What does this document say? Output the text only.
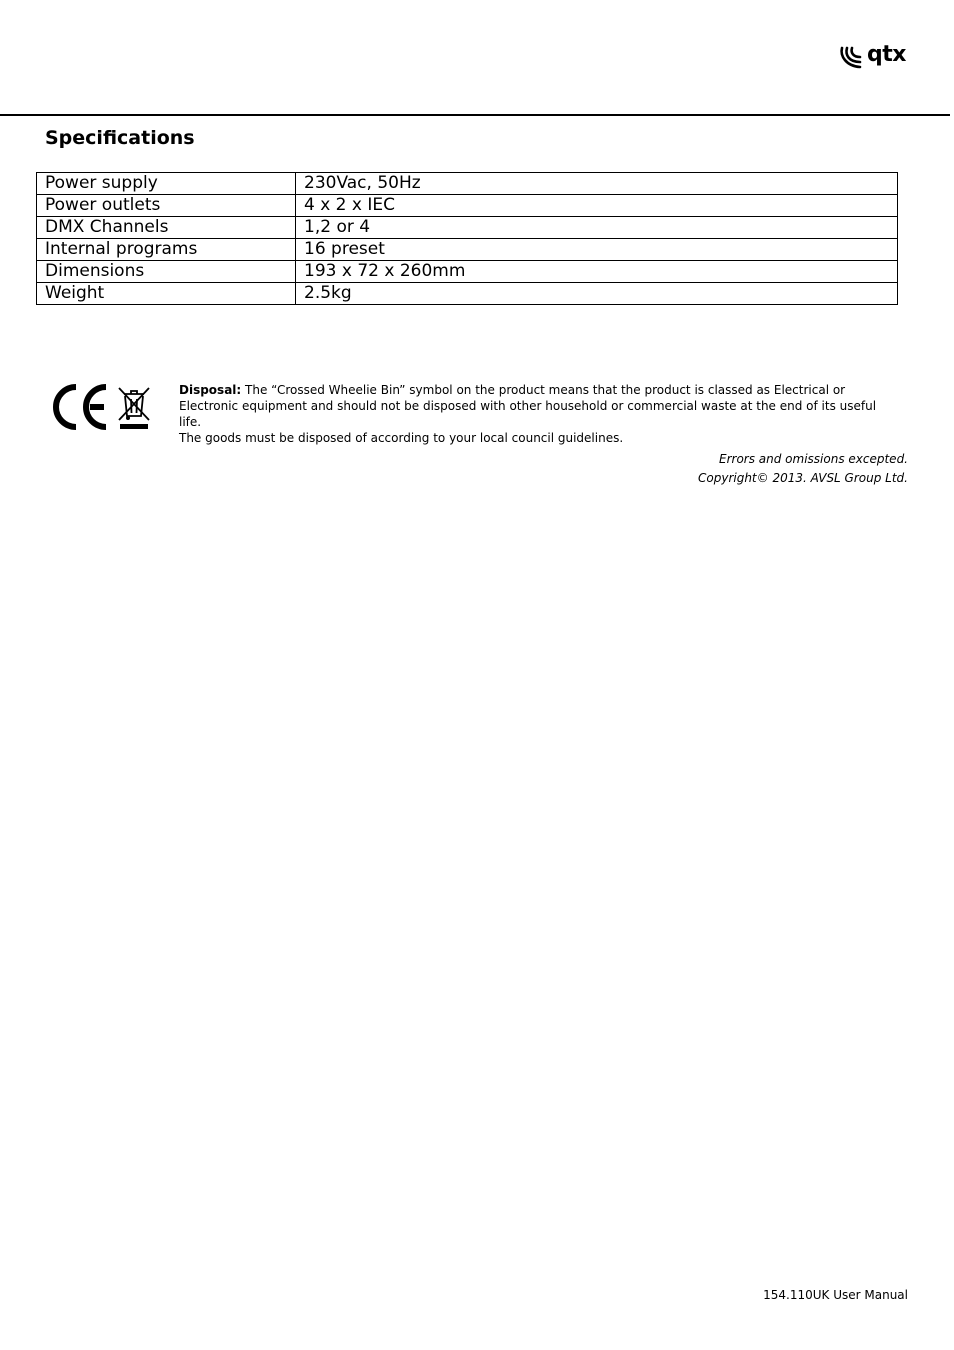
qtx
Specifications
Power supply	230Vac, 50Hz
Power outlets	4 x 2 x IEC
DMX Channels	1,2 or 4
Internal programs	16 preset
Dimensions	193 x 72 x 260mm
Weight	2.5kg
Disposal: The “Crossed Wheelie Bin” symbol on the product means that the product is classed as Electrical or
Electronic equipment and should not be disposed with other household or commercial waste at the end of its useful life.
The goods must be disposed of according to your local council guidelines.
Errors and omissions excepted.
Copyright© 2013. AVSL Group Ltd.
154.110UK User Manual
